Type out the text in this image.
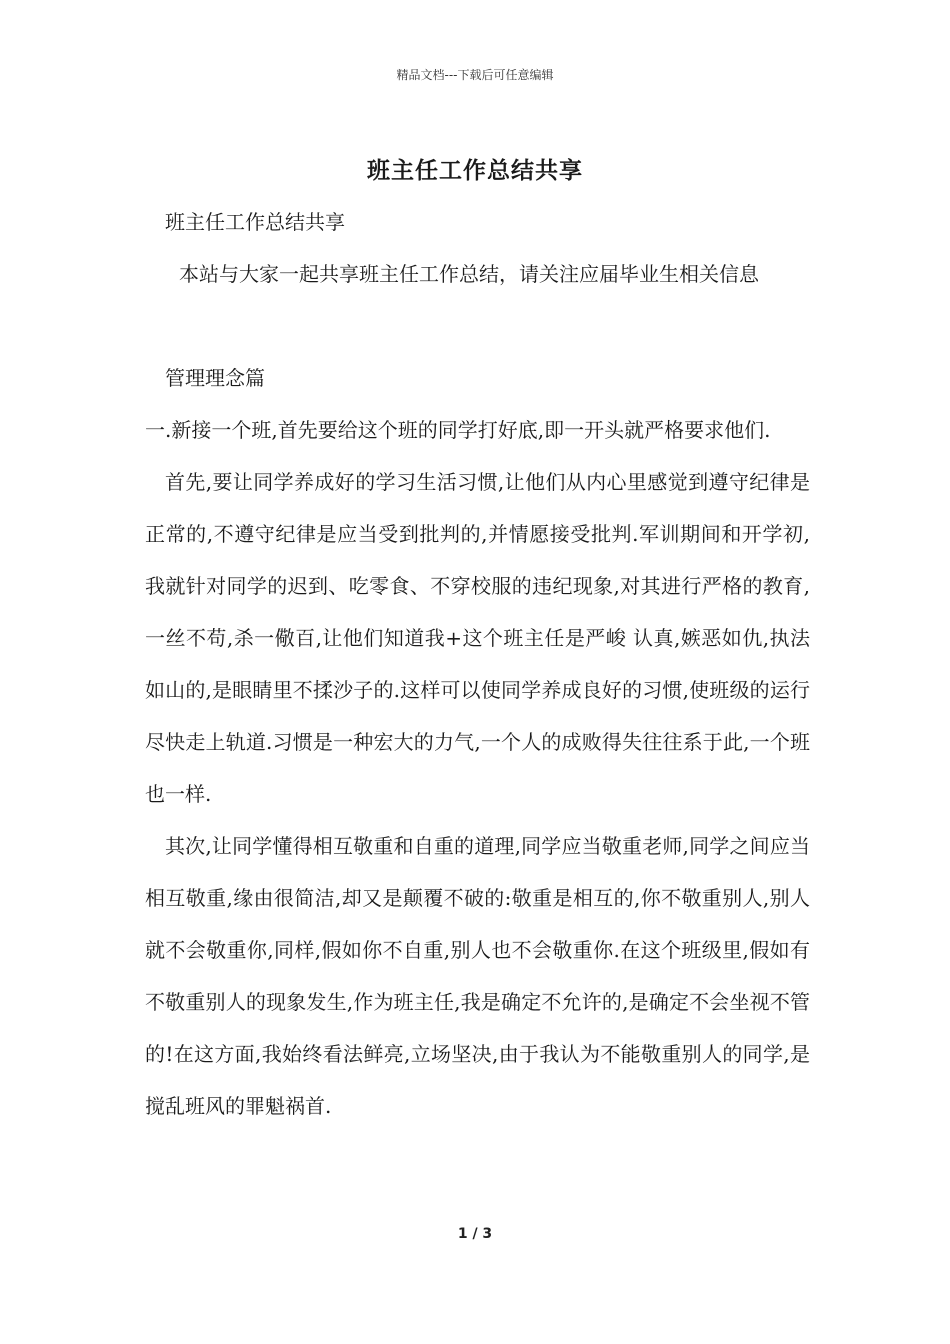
精品文档---下载后可任意编辑
班主任工作总结共享

班主任工作总结共享

本站与大家一起共享班主任工作总结，请关注应届毕业生相关信息

管理理念篇

一.新接一个班,首先要给这个班的同学打好底,即一开头就严格要求他们.

首先,要让同学养成好的学习生活习惯,让他们从内心里感觉到遵守纪律是正常的,不遵守纪律是应当受到批判的,并情愿接受批判.军训期间和开学初,我就针对同学的迟到、吃零食、不穿校服的违纪现象,对其进行严格的教育,一丝不苟,杀一儆百,让他们知道我+这个班主任是严峻 认真,嫉恶如仇,执法如山的,是眼睛里不揉沙子的.这样可以使同学养成良好的习惯,使班级的运行尽快走上轨道.习惯是一种宏大的力气,一个人的成败得失往往系于此,一个班也一样.

其次,让同学懂得相互敬重和自重的道理,同学应当敬重老师,同学之间应当相互敬重,缘由很简洁,却又是颠覆不破的:敬重是相互的,你不敬重别人,别人就不会敬重你,同样,假如你不自重,别人也不会敬重你.在这个班级里,假如有不敬重别人的现象发生,作为班主任,我是确定不允许的,是确定不会坐视不管的!在这方面,我始终看法鲜亮,立场坚决,由于我认为不能敬重别人的同学,是搅乱班风的罪魁祸首.

1 / 3
